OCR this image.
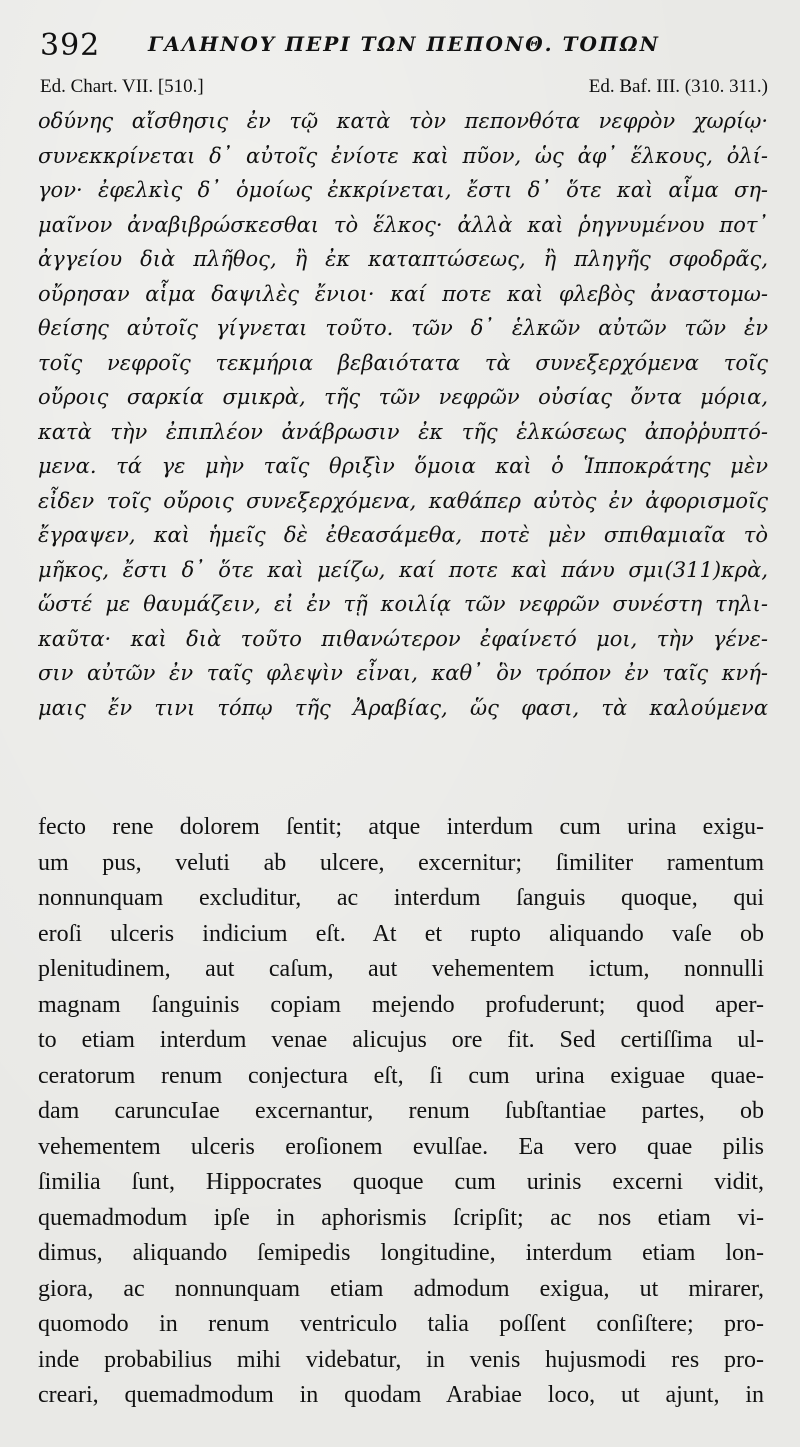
392 ΓΑΛΗΝΟΥ ΠΕΡΙ ΤΩΝ ΠΕΠΟΝΘ. ΤΟΠΩΝ
Ed. Chart. VII. [510.]	Ed. Baf. III. (310. 311.)
οδύνης αἴσθησις ἐν τῷ κατὰ τὸν πεπονθότα νεφρὸν χωρίῳ·
συνεκκρίνεται δ᾽ αὐτοῖς ἐνίοτε καὶ πῦον, ὡς ἀφ᾽ ἕλκους, ὀλί-
γον· ἐφελκὶς δ᾽ ὁμοίως ἐκκρίνεται, ἔστι δ᾽ ὅτε καὶ αἷμα ση-
μαῖνον ἀναβιβρώσκεσθαι τὸ ἕλκος· ἀλλὰ καὶ ῥηγνυμένου ποτ᾽
ἀγγείου διὰ πλῆθος, ἢ ἐκ καταπτώσεως, ἢ πληγῆς σφοδρᾶς,
οὔρησαν αἷμα δαψιλὲς ἔνιοι· καί ποτε καὶ φλεβὸς ἀναστομω-
θείσης αὐτοῖς γίγνεται τοῦτο. τῶν δ᾽ ἑλκῶν αὐτῶν τῶν ἐν
τοῖς νεφροῖς τεκμήρια βεβαιότατα τὰ συνεξερχόμενα τοῖς
οὔροις σαρκία σμικρὰ, τῆς τῶν νεφρῶν οὐσίας ὄντα μόρια,
κατὰ τὴν ἐπιπλέον ἀνάβρωσιν ἐκ τῆς ἑλκώσεως ἀποῤῥυπτό-
μενα. τά γε μὴν ταῖς θριξὶν ὅμοια καὶ ὁ Ἱπποκράτης μὲν
εἶδεν τοῖς οὔροις συνεξερχόμενα, καθάπερ αὐτὸς ἐν ἀφορισμοῖς
ἔγραψεν, καὶ ἡμεῖς δὲ ἐθεασάμεθα, ποτὲ μὲν σπιθαμιαῖα τὸ
μῆκος, ἔστι δ᾽ ὅτε καὶ μείζω, καί ποτε καὶ πάνυ σμι(311)κρὰ,
ὥστέ με θαυμάζειν, εἰ ἐν τῇ κοιλίᾳ τῶν νεφρῶν συνέστη τηλι-
καῦτα· καὶ διὰ τοῦτο πιθανώτερον ἐφαίνετό μοι, τὴν γένε-
σιν αὐτῶν ἐν ταῖς φλεψὶν εἶναι, καθ᾽ ὃν τρόπον ἐν ταῖς κνή-
μαις ἔν τινι τόπῳ τῆς Ἀραβίας, ὥς φασι, τὰ καλούμενα
fecto rene dolorem ſentit; atque interdum cum urina exigu-
um pus, veluti ab ulcere, excernitur; ſimiliter ramentum
nonnunquam excluditur, ac interdum ſanguis quoque, qui
eroſi ulceris indicium eſt. At et rupto aliquando vaſe ob
plenitudinem, aut caſum, aut vehementem ictum, nonnulli
magnam ſanguinis copiam mejendo profuderunt; quod aper-
to etiam interdum venae alicujus ore fit. Sed certiſſima ul-
ceratorum renum conjectura eſt, ſi cum urina exiguae quae-
dam caruncuIae excernantur, renum ſubſtantiae partes, ob
vehementem ulceris eroſionem evulſae. Ea vero quae pilis
ſimilia ſunt, Hippocrates quoque cum urinis excerni vidit,
quemadmodum ipſe in aphorismis ſcripſit; ac nos etiam vi-
dimus, aliquando ſemipedis longitudine, interdum etiam lon-
giora, ac nonnunquam etiam admodum exigua, ut mirarer,
quomodo in renum ventriculo talia poſſent conſiſtere; pro-
inde probabilius mihi videbatur, in venis hujusmodi res pro-
creari, quemadmodum in quodam Arabiae loco, ut ajunt, in
